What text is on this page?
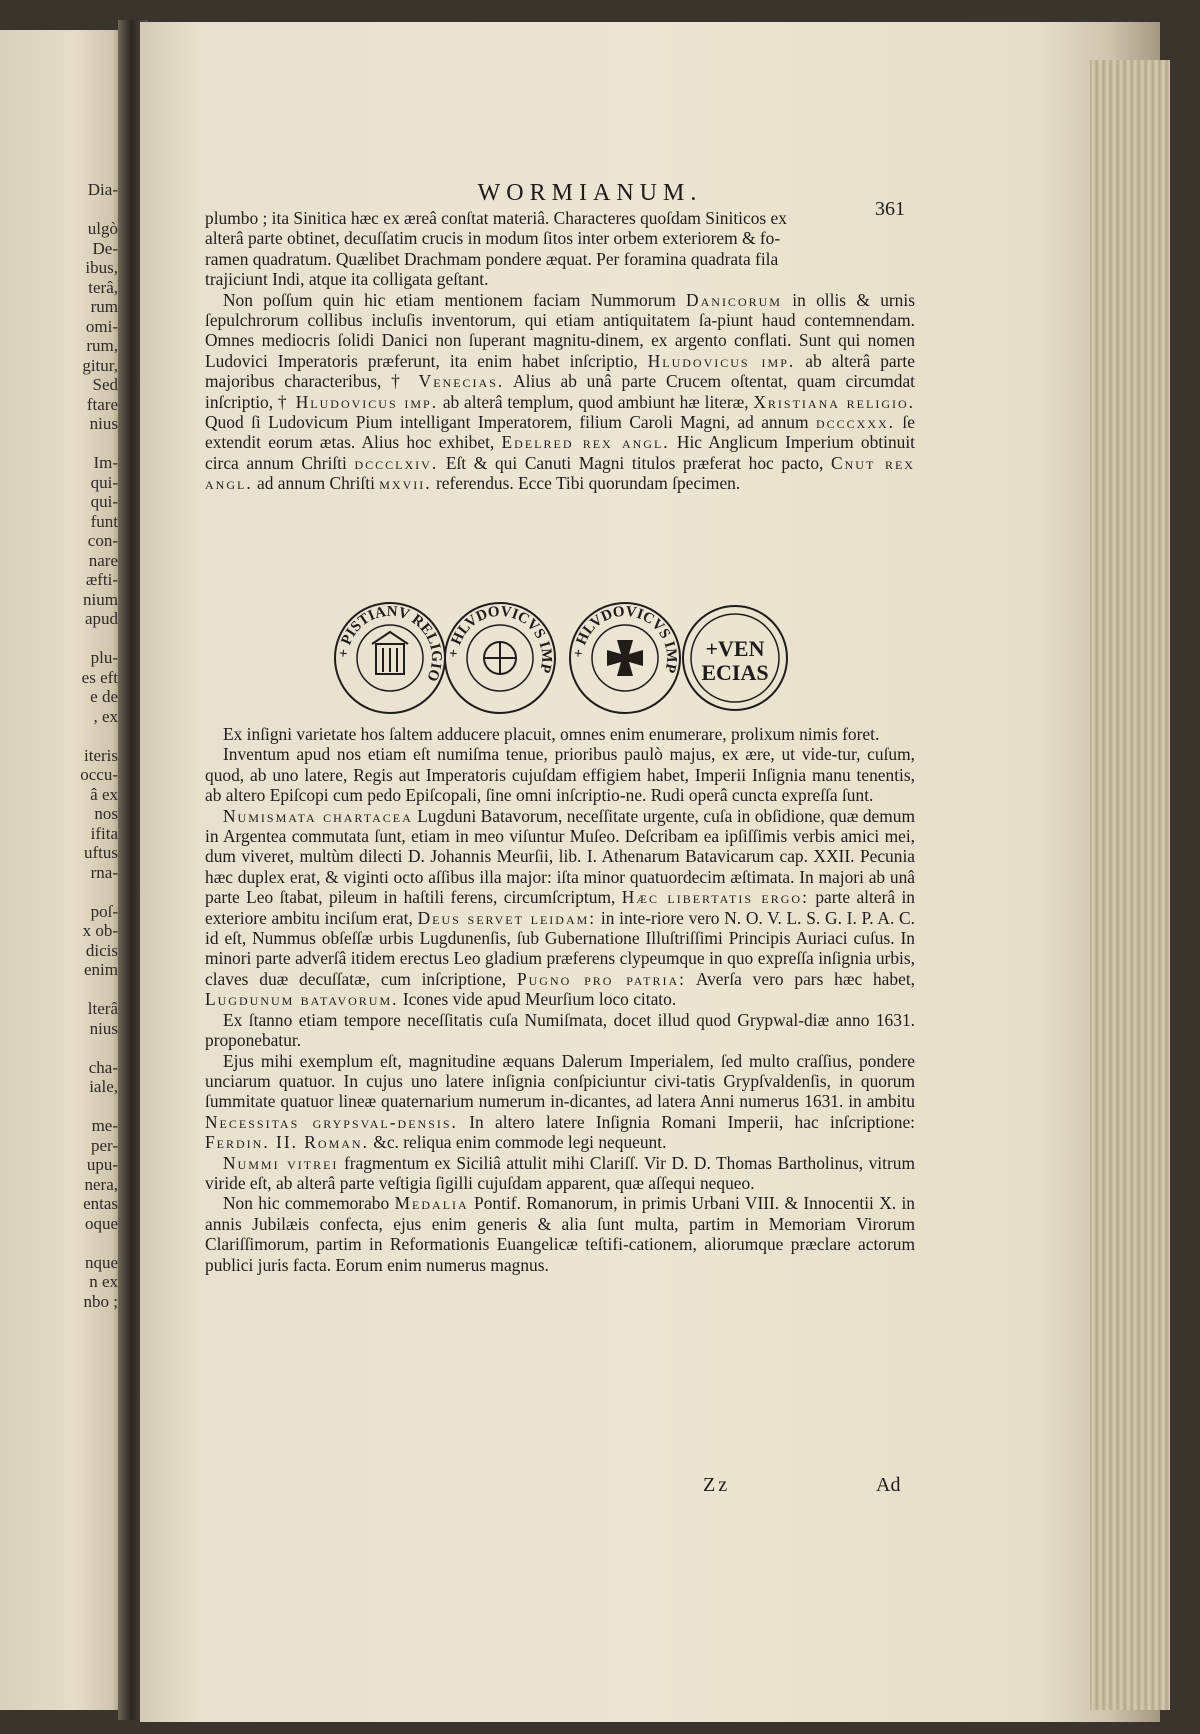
Dia-
ulgò
De-
ibus,
terâ,
rum
omi-
rum,
gitur,
Sed
ftare
nius
Im-
qui-
qui-
funt
con-
nare
æfti-
nium
apud
plu-
es eft
e de
, ex
iteris
occu-
â ex
nos
ifita
uftus
rna-
poſ-
x ob-
dicis
enim
lterâ
nius
cha-
iale,
me-
per-
upu-
nera,
entas
oque
nque
n ex
nbo ;
WORMIANUM.
361

plumbo ; ita Sinitica hæc ex æreâ conſtat materiâ. Characteres quoſdam Siniticos ex

alterâ parte obtinet, decuſſatim crucis in modum ſitos inter orbem exteriorem & fo-

ramen quadratum. Quælibet Drachmam pondere æquat. Per foramina quadrata fila

trajiciunt Indi, atque ita colligata geſtant.

Non poſſum quin hic etiam mentionem faciam Nummorum Danicorum in ollis & urnis ſepulchrorum collibus incluſis inventorum, qui etiam antiquitatem ſa-piunt haud contemnendam. Omnes mediocris ſolidi Danici non ſuperant magnitu-dinem, ex argento conflati. Sunt qui nomen Ludovici Imperatoris præferunt, ita enim habet inſcriptio, Hludovicus imp. ab alterâ parte majoribus characteribus, † Venecias. Alius ab unâ parte Crucem oſtentat, quam circumdat inſcriptio, † Hludovicus imp. ab alterâ templum, quod ambiunt hæ literæ, Xristiana religio. Quod ſi Ludovicum Pium intelligant Imperatorem, filium Caroli Magni, ad annum dcccxxx. ſe extendit eorum ætas. Alius hoc exhibet, Edelred rex angl. Hic Anglicum Imperium obtinuit circa annum Chriſti dccclxiv. Eſt & qui Canuti Magni titulos præferat hoc pacto, Cnut rex angl. ad annum Chriſti mxvii. referendus. Ecce Tibi quorundam ſpecimen.

+ PISTIANV RELIGIO
+ HLVDOVICVS IMP
+ HLVDOVICVS IMP
+VEN
ECIAS

Ex inſigni varietate hos ſaltem adducere placuit, omnes enim enumerare, prolixum nimis foret.

Inventum apud nos etiam eſt numiſma tenue, prioribus paulò majus, ex ære, ut vide-tur, cuſum, quod, ab uno latere, Regis aut Imperatoris cujuſdam effigiem habet, Imperii Inſignia manu tenentis, ab altero Epiſcopi cum pedo Epiſcopali, ſine omni inſcriptio-ne. Rudi operâ cuncta expreſſa ſunt.

Numismata chartacea Lugduni Batavorum, neceſſitate urgente, cuſa in obſidione, quæ demum in Argentea commutata ſunt, etiam in meo viſuntur Muſeo. Deſcribam ea ipſiſſimis verbis amici mei, dum viveret, multùm dilecti D. Johannis Meurſii, lib. I. Athenarum Batavicarum cap. XXII. Pecunia hæc duplex erat, & viginti octo aſſibus illa major: iſta minor quatuordecim æſtimata. In majori ab unâ parte Leo ſtabat, pileum in haſtili ferens, circumſcriptum, Hæc libertatis ergo: parte alterâ in exteriore ambitu inciſum erat, Deus servet leidam: in inte-riore vero N. O. V. L. S. G. I. P. A. C. id eſt, Nummus obſeſſæ urbis Lugdunenſis, ſub Gubernatione Illuſtriſſimi Principis Auriaci cuſus. In minori parte adverſâ itidem erectus Leo gladium præferens clypeumque in quo expreſſa inſignia urbis, claves duæ decuſſatæ, cum inſcriptione, Pugno pro patria: Averſa vero pars hæc habet, Lugdunum batavorum. Icones vide apud Meurſium loco citato.

Ex ſtanno etiam tempore neceſſitatis cuſa Numiſmata, docet illud quod Grypwal-diæ anno 1631. proponebatur.

Ejus mihi exemplum eſt, magnitudine æquans Dalerum Imperialem, ſed multo craſſius, pondere unciarum quatuor. In cujus uno latere inſignia conſpiciuntur civi-tatis Grypſvaldenſis, in quorum ſummitate quatuor lineæ quaternarium numerum in-dicantes, ad latera Anni numerus 1631. in ambitu Necessitas grypsval-densis. In altero latere Inſignia Romani Imperii, hac inſcriptione: Ferdin. II. Roman. &c. reliqua enim commode legi nequeunt.

Nummi vitrei fragmentum ex Siciliâ attulit mihi Clariſſ. Vir D. D. Thomas Bartholinus, vitrum viride eſt, ab alterâ parte veſtigia ſigilli cujuſdam apparent, quæ aſſequi nequeo.

Non hic commemorabo Medalia Pontif. Romanorum, in primis Urbani VIII. & Innocentii X. in annis Jubilæis confecta, ejus enim generis & alia ſunt multa, partim in Memoriam Virorum Clariſſimorum, partim in Reformationis Euangelicæ teſtifi-cationem, aliorumque præclare actorum publici juris facta. Eorum enim numerus magnus.

Zz	Ad
